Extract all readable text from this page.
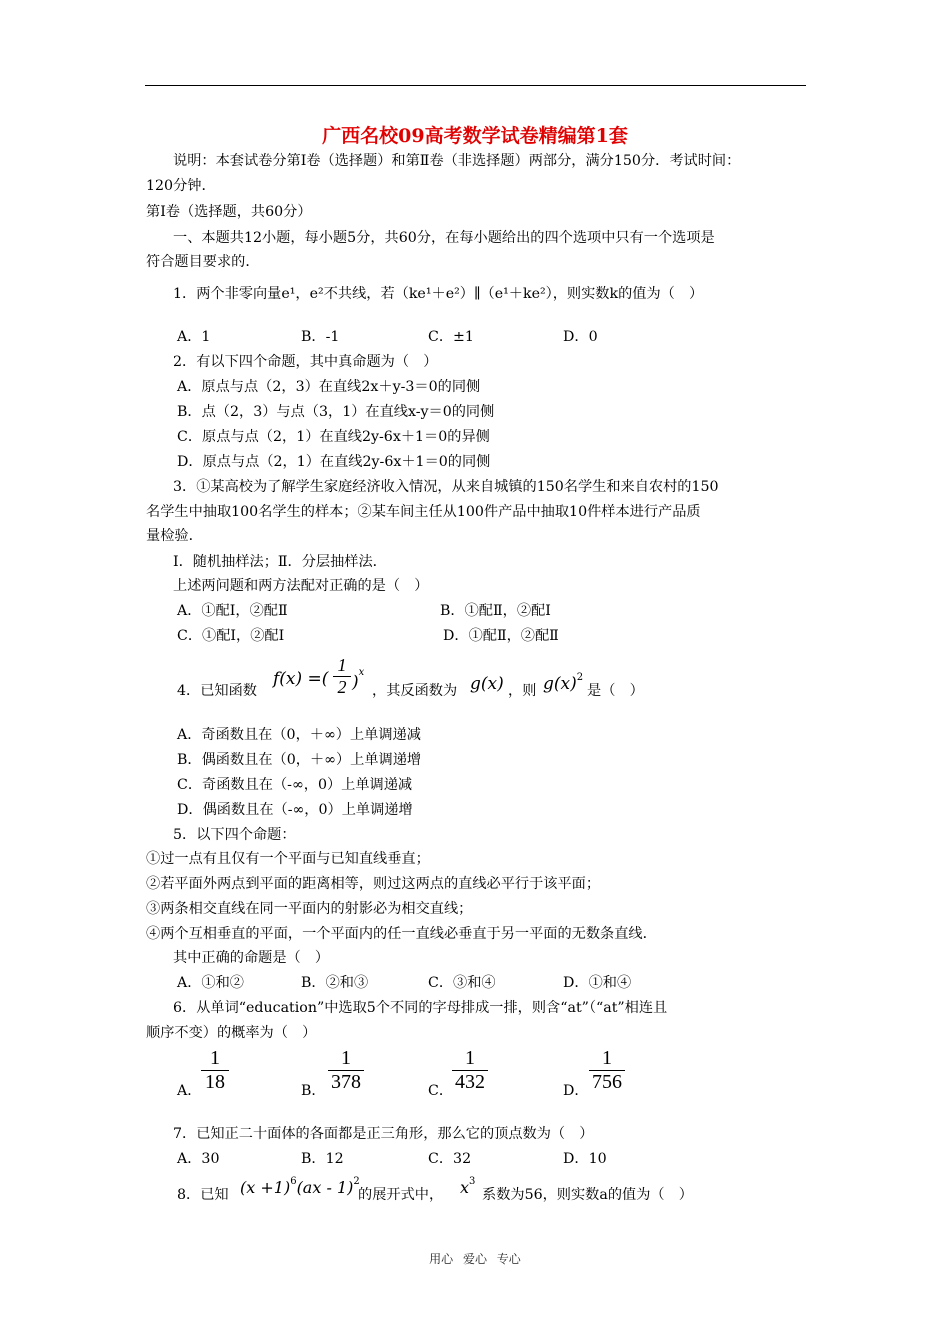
广西名校09高考数学试卷精编第1套
说明：本套试卷分第Ⅰ卷（选择题）和第Ⅱ卷（非选择题）两部分，满分150分．考试时间：
120分钟．
第Ⅰ卷（选择题，共60分）
一、本题共12小题，每小题5分，共60分，在每小题给出的四个选项中只有一个选项是
符合题目要求的．
1．两个非零向量e¹，e²不共线，若（ke¹＋e²）∥（e¹＋ke²），则实数k的值为（　）
A．1	B．-1	C．±1	D．0
2．有以下四个命题，其中真命题为（　）
A．原点与点（2，3）在直线2x＋y-3＝0的同侧
B．点（2，3）与点（3，1）在直线x-y＝0的同侧
C．原点与点（2，1）在直线2y-6x＋1＝0的异侧
D．原点与点（2，1）在直线2y-6x＋1＝0的同侧
3．①某高校为了解学生家庭经济收入情况，从来自城镇的150名学生和来自农村的150
名学生中抽取100名学生的样本；②某车间主任从100件产品中抽取10件样本进行产品质
量检验．
Ⅰ．随机抽样法；Ⅱ．分层抽样法．
上述两问题和两方法配对正确的是（　）
A．①配Ⅰ，②配Ⅱ	B．①配Ⅱ，②配Ⅰ
C．①配Ⅰ，②配Ⅰ	D．①配Ⅱ，②配Ⅱ
4．已知函数
f(x) =(
1
2 )$^x$
，其反函数为 g(x) ，则 $g(x)^2$
是（　）
A．奇函数且在（0，＋∞）上单调递减
B．偶函数且在（0，＋∞）上单调递增
C．奇函数且在（-∞，0）上单调递减
D．偶函数且在（-∞，0）上单调递增
5．以下四个命题：
①过一点有且仅有一个平面与已知直线垂直；
②若平面外两点到平面的距离相等，则过这两点的直线必平行于该平面；
③两条相交直线在同一平面内的射影必为相交直线；
④两个互相垂直的平面，一个平面内的任一直线必垂直于另一平面的无数条直线．
其中正确的命题是（　）
A．①和②	B．②和③	C．③和④	D．①和④
6．从单词“education”中选取5个不同的字母排成一排，则含“at”（“at”相连且
顺序不变）的概率为（　）
A．
1
18	B．
1
378	C．
1
432	D．
1
756
7．已知正二十面体的各面都是正三角形，那么它的顶点数为（　）
A．30	B．12	C．32	D．10
8．已知 $(x +1)^6(ax - 1)^2$
的展开式中， $x^3$
系数为56，则实数a的值为（　）
用心 爱心 专心
